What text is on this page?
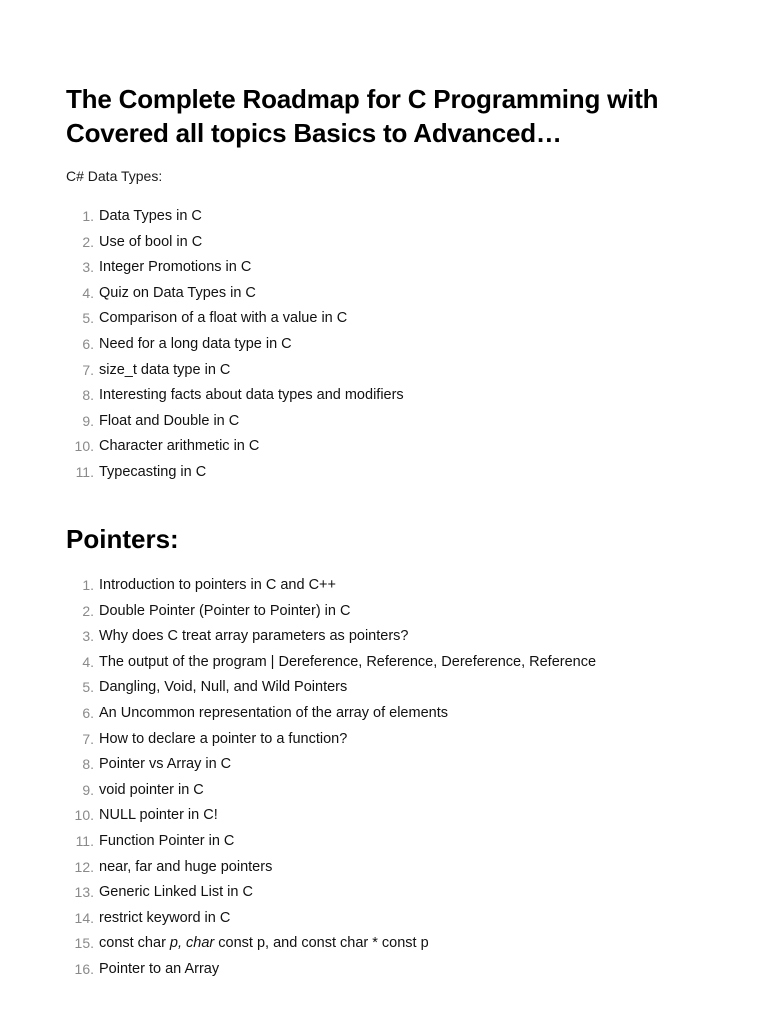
The Complete Roadmap for C Programming with Covered all topics Basics to Advanced…

C# Data Types:

1. Data Types in C
2. Use of bool in C
3. Integer Promotions in C
4. Quiz on Data Types in C
5. Comparison of a float with a value in C
6. Need for a long data type in C
7. size_t data type in C
8. Interesting facts about data types and modifiers
9. Float and Double in C
10. Character arithmetic in C
11. Typecasting in C
Pointers:
1. Introduction to pointers in C and C++
2. Double Pointer (Pointer to Pointer) in C
3. Why does C treat array parameters as pointers?
4. The output of the program | Dereference, Reference, Dereference, Reference
5. Dangling, Void, Null, and Wild Pointers
6. An Uncommon representation of the array of elements
7. How to declare a pointer to a function?
8. Pointer vs Array in C
9. void pointer in C
10. NULL pointer in C!
11. Function Pointer in C
12. near, far and huge pointers
13. Generic Linked List in C
14. restrict keyword in C
15. const char p, char const p, and const char * const p
16. Pointer to an Array
